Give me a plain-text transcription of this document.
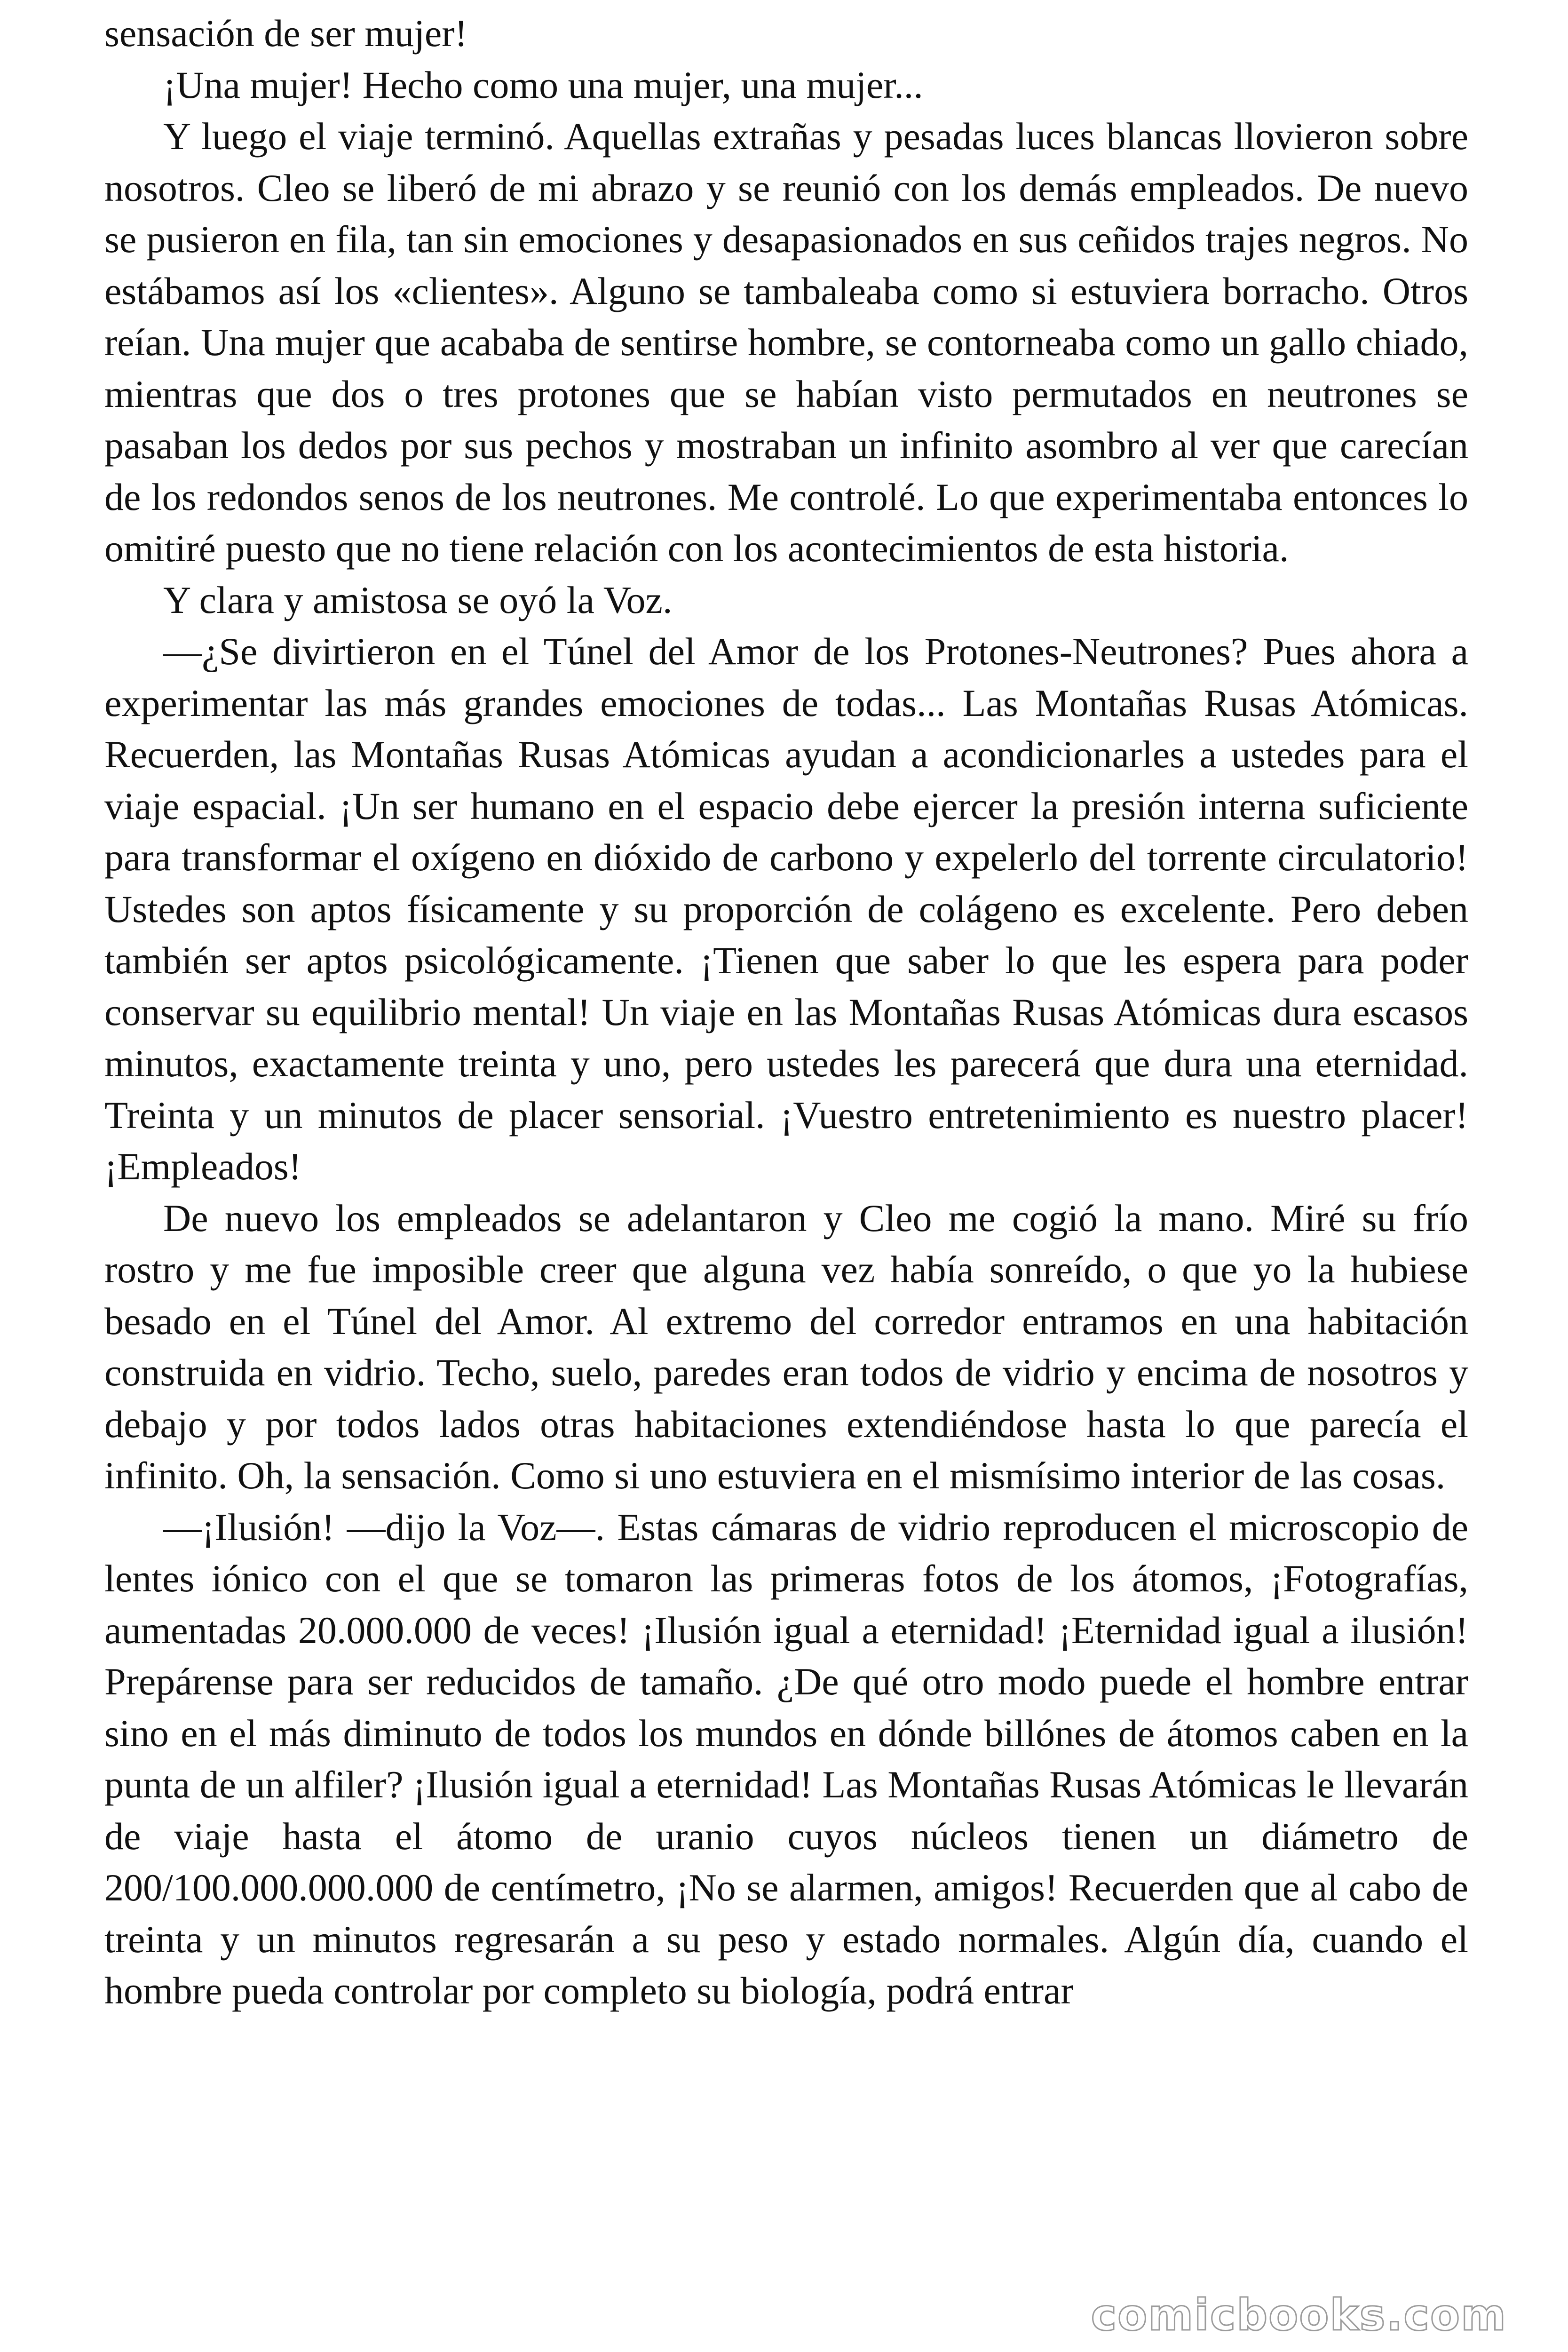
sensación de ser mujer!

¡Una mujer! Hecho como una mujer, una mujer...

Y luego el viaje terminó. Aquellas extrañas y pesadas luces blancas llovieron sobre nosotros. Cleo se liberó de mi abrazo y se reunió con los demás empleados. De nuevo se pusieron en fila, tan sin emociones y desapasionados en sus ceñidos trajes negros. No estábamos así los «clientes». Alguno se tambaleaba como si estuviera borracho. Otros reían. Una mujer que acababa de sentirse hombre, se contorneaba como un gallo chiado, mientras que dos o tres protones que se habían visto permutados en neutrones se pasaban los dedos por sus pechos y mostraban un infinito asombro al ver que carecían de los redondos senos de los neutrones. Me controlé. Lo que experimentaba entonces lo omitiré puesto que no tiene relación con los acontecimientos de esta historia.

Y clara y amistosa se oyó la Voz.

—¿Se divirtieron en el Túnel del Amor de los Protones-Neutrones? Pues ahora a experimentar las más grandes emociones de todas... Las Montañas Rusas Atómicas. Recuerden, las Montañas Rusas Atómicas ayudan a acondicionarles a ustedes para el viaje espacial. ¡Un ser humano en el espacio debe ejercer la presión interna suficiente para transformar el oxígeno en dióxido de carbono y expelerlo del torrente circulatorio! Ustedes son aptos físicamente y su proporción de colágeno es excelente. Pero deben también ser aptos psicológicamente. ¡Tienen que saber lo que les espera para poder conservar su equilibrio mental! Un viaje en las Montañas Rusas Atómicas dura escasos minutos, exactamente treinta y uno, pero ustedes les parecerá que dura una eternidad. Treinta y un minutos de placer sensorial. ¡Vuestro entretenimiento es nuestro placer! ¡Empleados!

De nuevo los empleados se adelantaron y Cleo me cogió la mano. Miré su frío rostro y me fue imposible creer que alguna vez había sonreído, o que yo la hubiese besado en el Túnel del Amor. Al extremo del corredor entramos en una habitación construida en vidrio. Techo, suelo, paredes eran todos de vidrio y encima de nosotros y debajo y por todos lados otras habitaciones extendiéndose hasta lo que parecía el infinito. Oh, la sensación. Como si uno estuviera en el mismísimo interior de las cosas.

—¡Ilusión! —dijo la Voz—. Estas cámaras de vidrio reproducen el microscopio de lentes iónico con el que se tomaron las primeras fotos de los átomos, ¡Fotografías, aumentadas 20.000.000 de veces! ¡Ilusión igual a eternidad! ¡Eternidad igual a ilusión! Prepárense para ser reducidos de tamaño. ¿De qué otro modo puede el hombre entrar sino en el más diminuto de todos los mundos en dónde billónes de átomos caben en la punta de un alfiler? ¡Ilusión igual a eternidad! Las Montañas Rusas Atómicas le llevarán de viaje hasta el átomo de uranio cuyos núcleos tienen un diámetro de 200/100.000.000.000 de centímetro, ¡No se alarmen, amigos! Recuerden que al cabo de treinta y un minutos regresarán a su peso y estado normales. Algún día, cuando el hombre pueda controlar por completo su biología, podrá entrar

comicbooks.com
